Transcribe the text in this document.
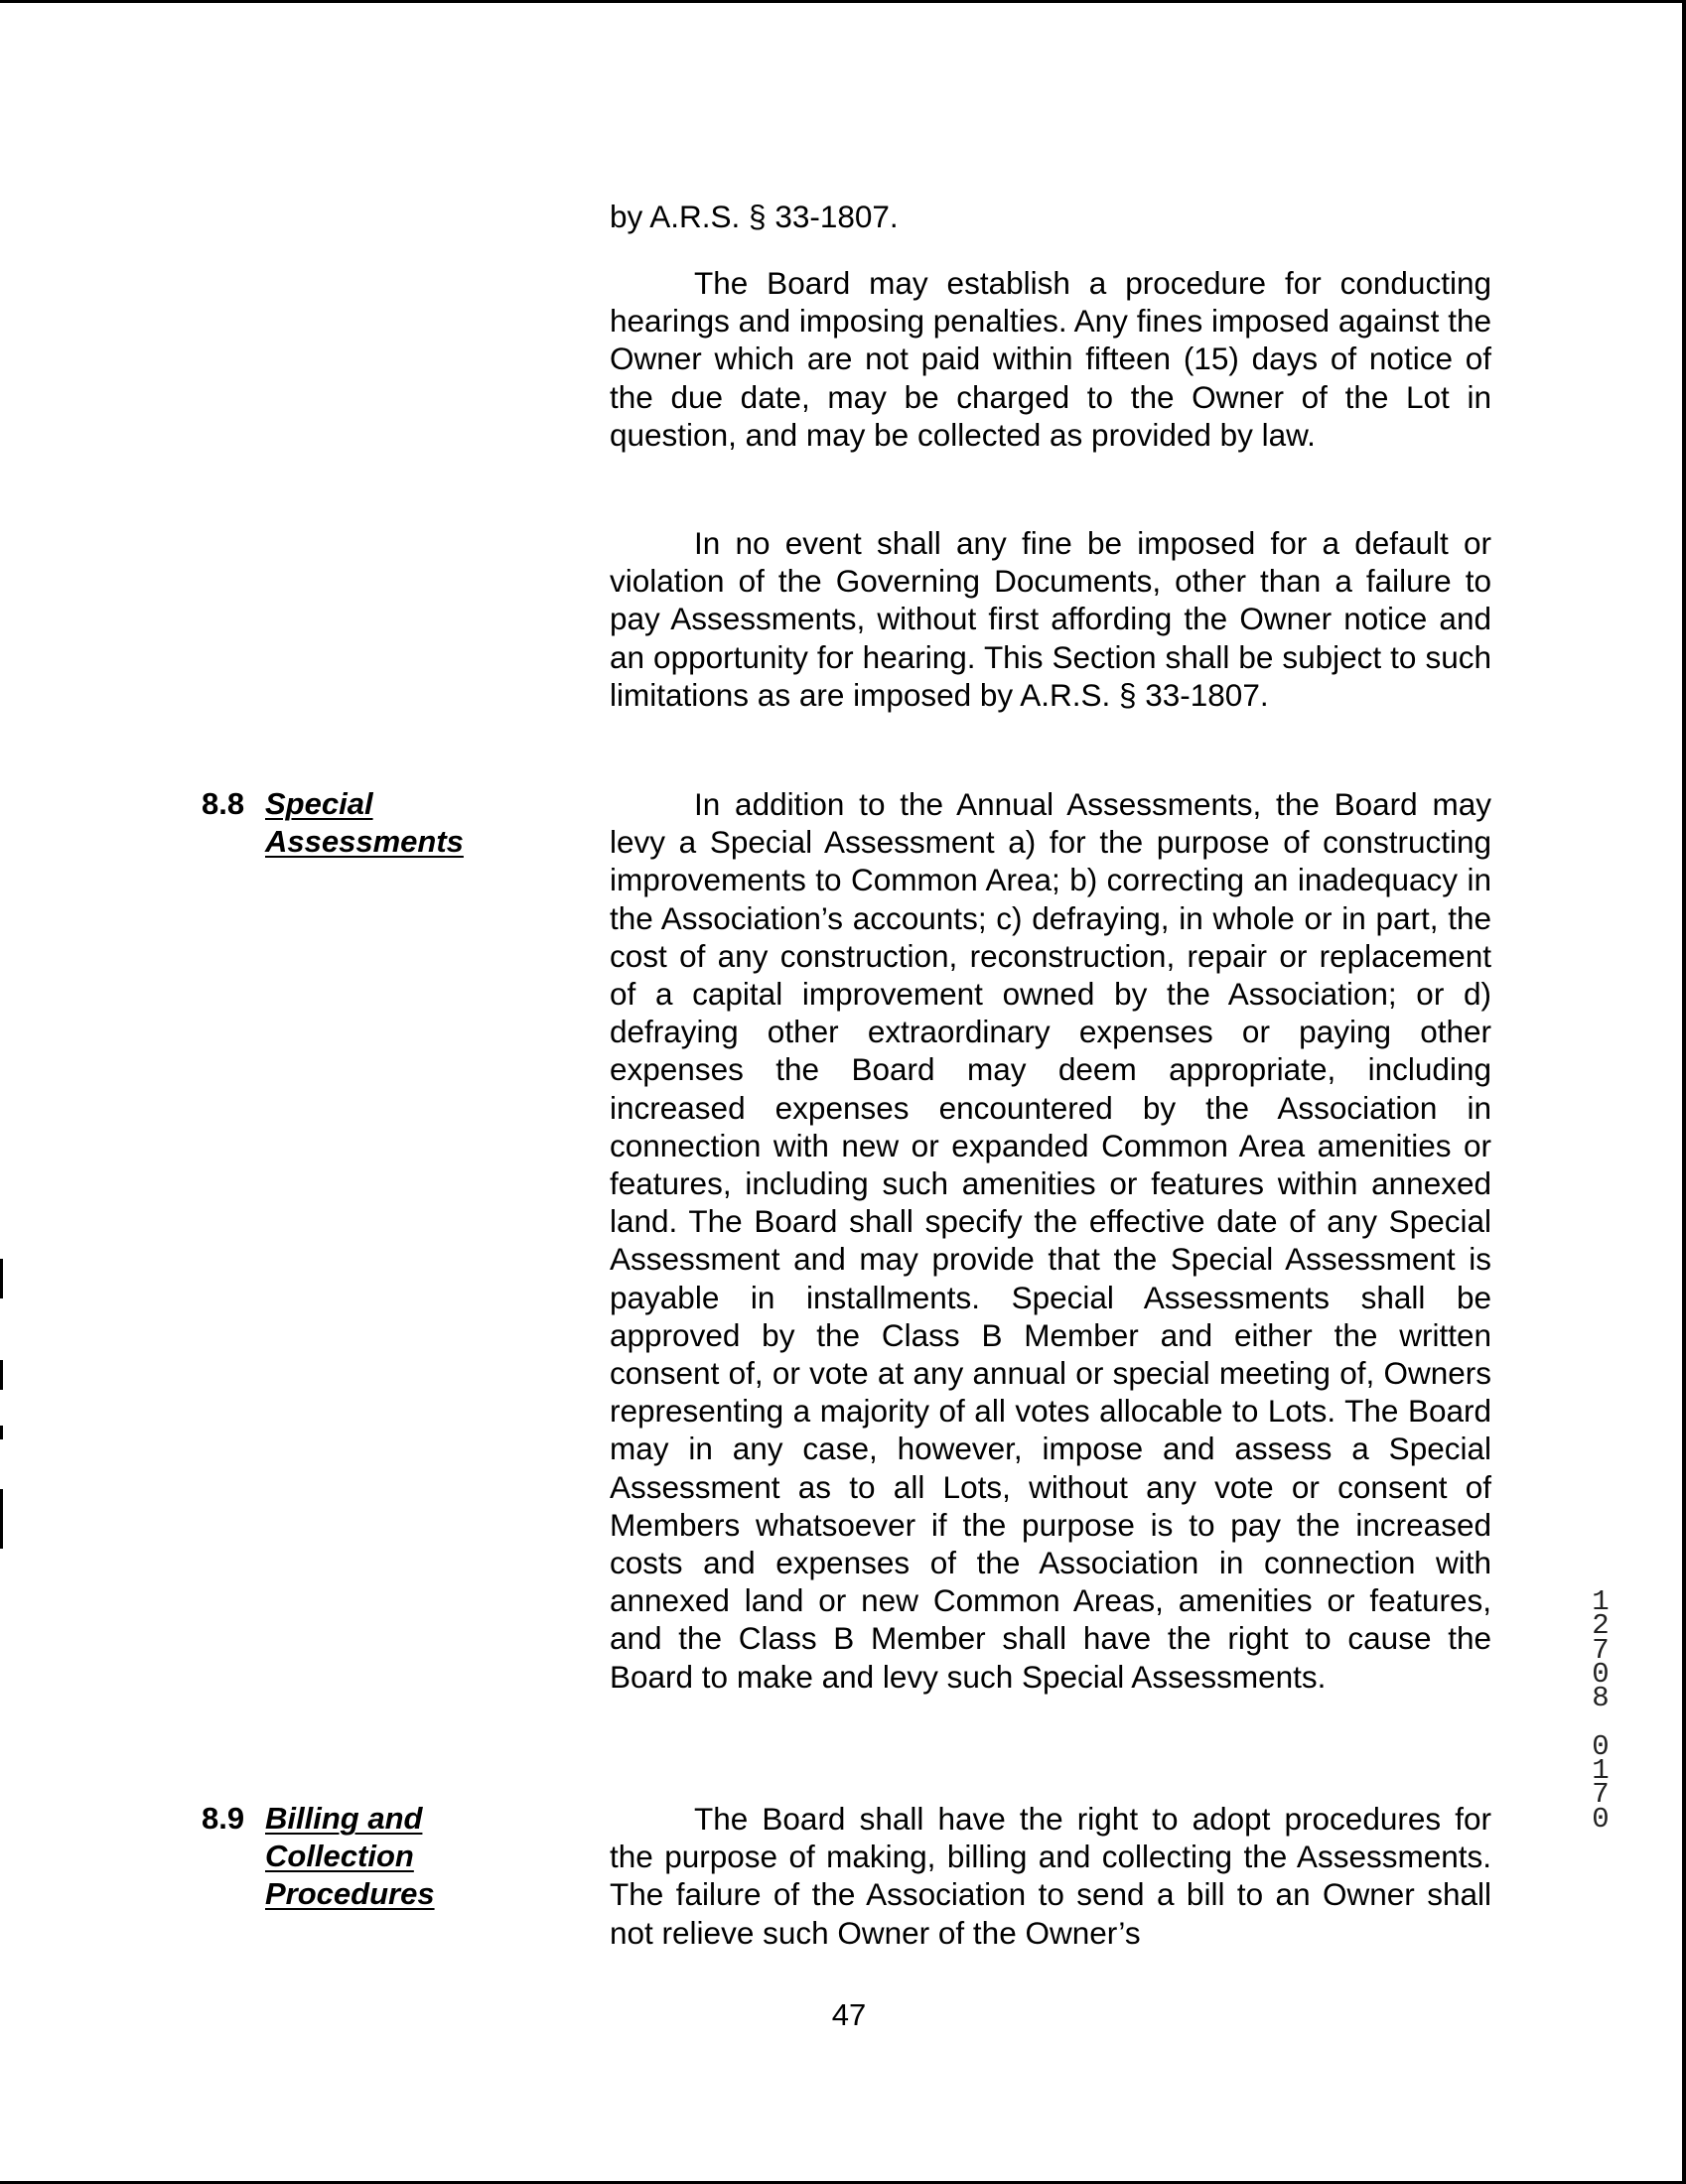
by A.R.S. § 33-1807.

The Board may establish a procedure for conducting hearings and imposing penalties. Any fines imposed against the Owner which are not paid within fifteen (15) days of notice of the due date, may be charged to the Owner of the Lot in question, and may be collected as provided by law.

In no event shall any fine be imposed for a default or violation of the Governing Documents, other than a failure to pay Assessments, without first affording the Owner notice and an opportunity for hearing. This Section shall be subject to such limitations as are imposed by A.R.S. § 33-1807.

8.8 Special
Assessments

In addition to the Annual Assessments, the Board may levy a Special Assessment a) for the purpose of constructing improvements to Common Area; b) correcting an inadequacy in the Association’s accounts; c) defraying, in whole or in part, the cost of any construction, reconstruction, repair or replacement of a capital improvement owned by the Association; or d) defraying other extraordinary expenses or paying other expenses the Board may deem appropriate, including increased expenses encountered by the Association in connection with new or expanded Common Area amenities or features, including such amenities or features within annexed land. The Board shall specify the effective date of any Special Assessment and may provide that the Special Assessment is payable in installments. Special Assessments shall be approved by the Class B Member and either the written consent of, or vote at any annual or special meeting of, Owners representing a majority of all votes allocable to Lots. The Board may in any case, however, impose and assess a Special Assessment as to all Lots, without any vote or consent of Members whatsoever if the purpose is to pay the increased costs and expenses of the Association in connection with annexed land or new Common Areas, amenities or features, and the Class B Member shall have the right to cause the Board to make and levy such Special Assessments.

8.9 Billing and
Collection
Procedures

The Board shall have the right to adopt procedures for the purpose of making, billing and collecting the Assessments. The failure of the Association to send a bill to an Owner shall not relieve such Owner of the Owner’s

47
1
2
7
0
8

0
1
7
0
